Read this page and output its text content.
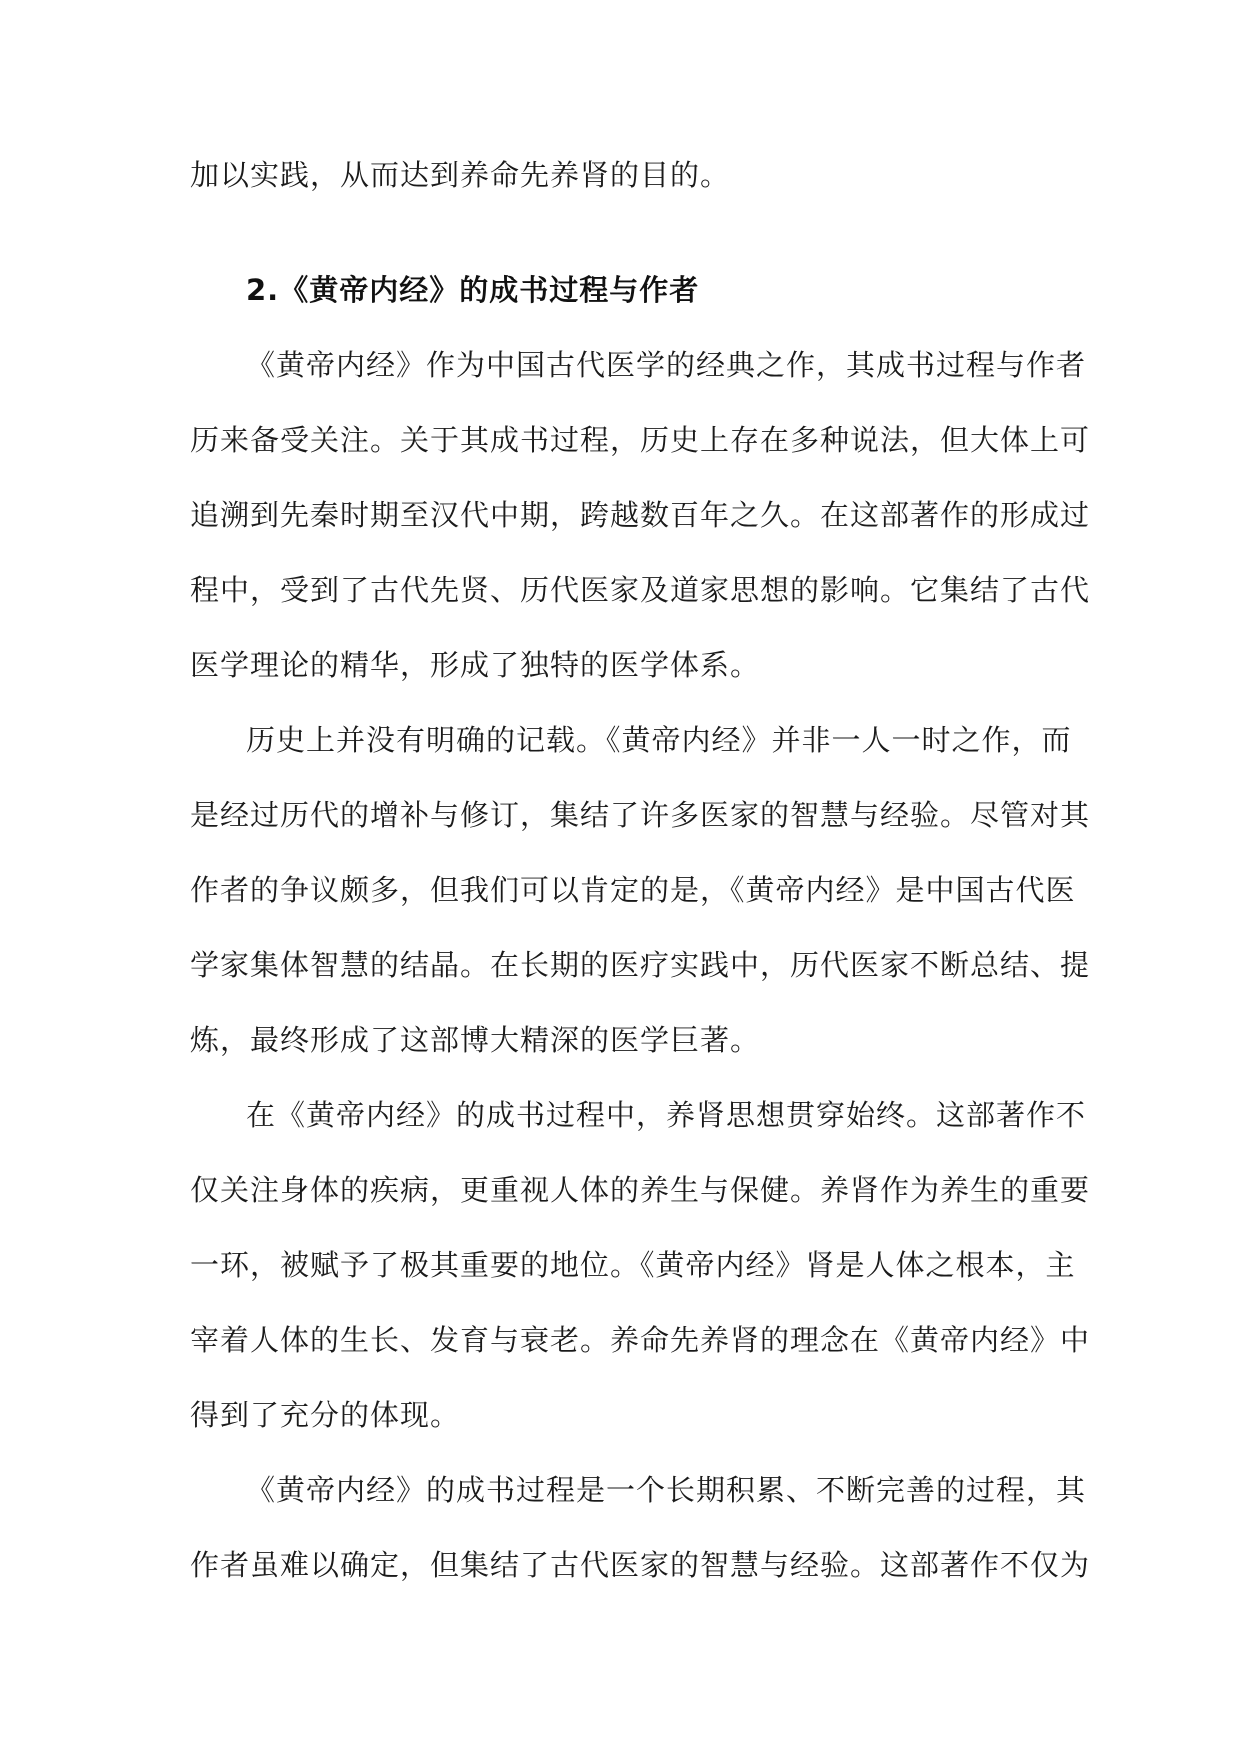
加以实践，从而达到养命先养肾的目的。
2.《黄帝内经》的成书过程与作者
《黄帝内经》作为中国古代医学的经典之作，其成书过程与作者
历来备受关注。关于其成书过程，历史上存在多种说法，但大体上可
追溯到先秦时期至汉代中期，跨越数百年之久。在这部著作的形成过
程中，受到了古代先贤、历代医家及道家思想的影响。它集结了古代
医学理论的精华，形成了独特的医学体系。
历史上并没有明确的记载。《黄帝内经》并非一人一时之作，而
是经过历代的增补与修订，集结了许多医家的智慧与经验。尽管对其
作者的争议颇多，但我们可以肯定的是，《黄帝内经》是中国古代医
学家集体智慧的结晶。在长期的医疗实践中，历代医家不断总结、提
炼，最终形成了这部博大精深的医学巨著。
在《黄帝内经》的成书过程中，养肾思想贯穿始终。这部著作不
仅关注身体的疾病，更重视人体的养生与保健。养肾作为养生的重要
一环，被赋予了极其重要的地位。《黄帝内经》肾是人体之根本，主
宰着人体的生长、发育与衰老。养命先养肾的理念在《黄帝内经》中
得到了充分的体现。
《黄帝内经》的成书过程是一个长期积累、不断完善的过程，其
作者虽难以确定，但集结了古代医家的智慧与经验。这部著作不仅为
